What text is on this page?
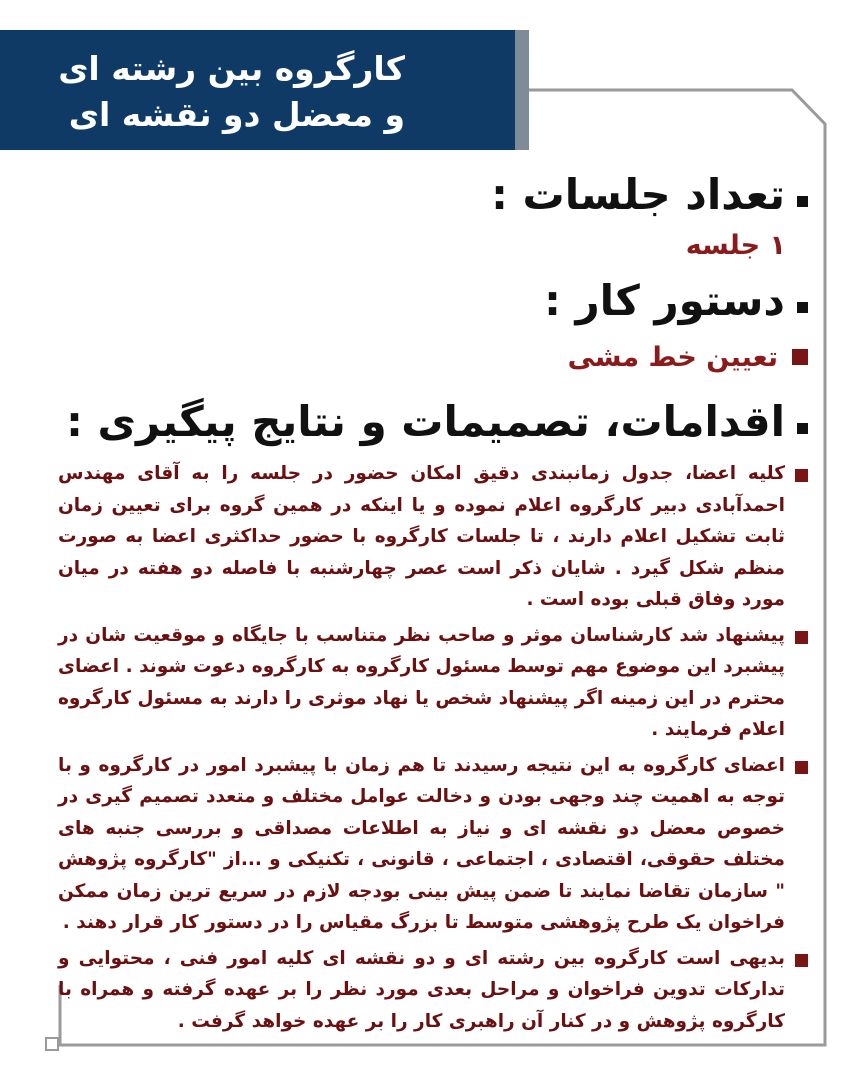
کارگروه بین رشته ای
و معضل دو نقشه ای
تعداد جلسات :
۱ جلسه
دستور کار :
تعیین خط مشی
اقدامات، تصمیمات و نتایج پیگیری :
کلیه اعضا، جدول زمانبندی دقیق امکان حضور در جلسه را به آقای مهندس احمدآبادی دبیر کارگروه اعلام نموده و یا اینکه در همین گروه برای تعیین زمان ثابت تشکیل اعلام دارند ، تا جلسات کارگروه با حضور حداکثری اعضا به صورت منظم شکل گیرد . شایان ذکر است عصر چهارشنبه با فاصله دو هفته در میان مورد وفاق قبلی بوده است .
پیشنهاد شد کارشناسان موثر و صاحب نظر متناسب با جایگاه و موقعیت شان در پیشبرد این موضوع مهم توسط مسئول کارگروه به کارگروه دعوت شوند . اعضای محترم در این زمینه اگر پیشنهاد شخص یا نهاد موثری را دارند به مسئول کارگروه اعلام فرمایند .
اعضای کارگروه به این نتیجه رسیدند تا هم زمان با پیشبرد امور در کارگروه و با توجه به اهمیت چند وجهی بودن و دخالت عوامل مختلف و متعدد تصمیم گیری در خصوص معضل دو نقشه ای و نیاز به اطلاعات مصداقی و بررسی جنبه های مختلف حقوقی، اقتصادی ، اجتماعی ، قانونی ، تکنیکی و ...از "کارگروه پژوهش " سازمان تقاضا نمایند تا ضمن پیش بینی بودجه لازم در سریع ترین زمان ممکن فراخوان یک طرح پژوهشی متوسط تا بزرگ مقیاس را در دستور کار قرار دهند .
بدیهی است کارگروه بین رشته ای و دو نقشه ای کلیه امور فنی ، محتوایی و تدارکات تدوین فراخوان و مراحل بعدی مورد نظر را بر عهده گرفته و همراه با کارگروه پژوهش و در کنار آن راهبری کار را بر عهده خواهد گرفت .
